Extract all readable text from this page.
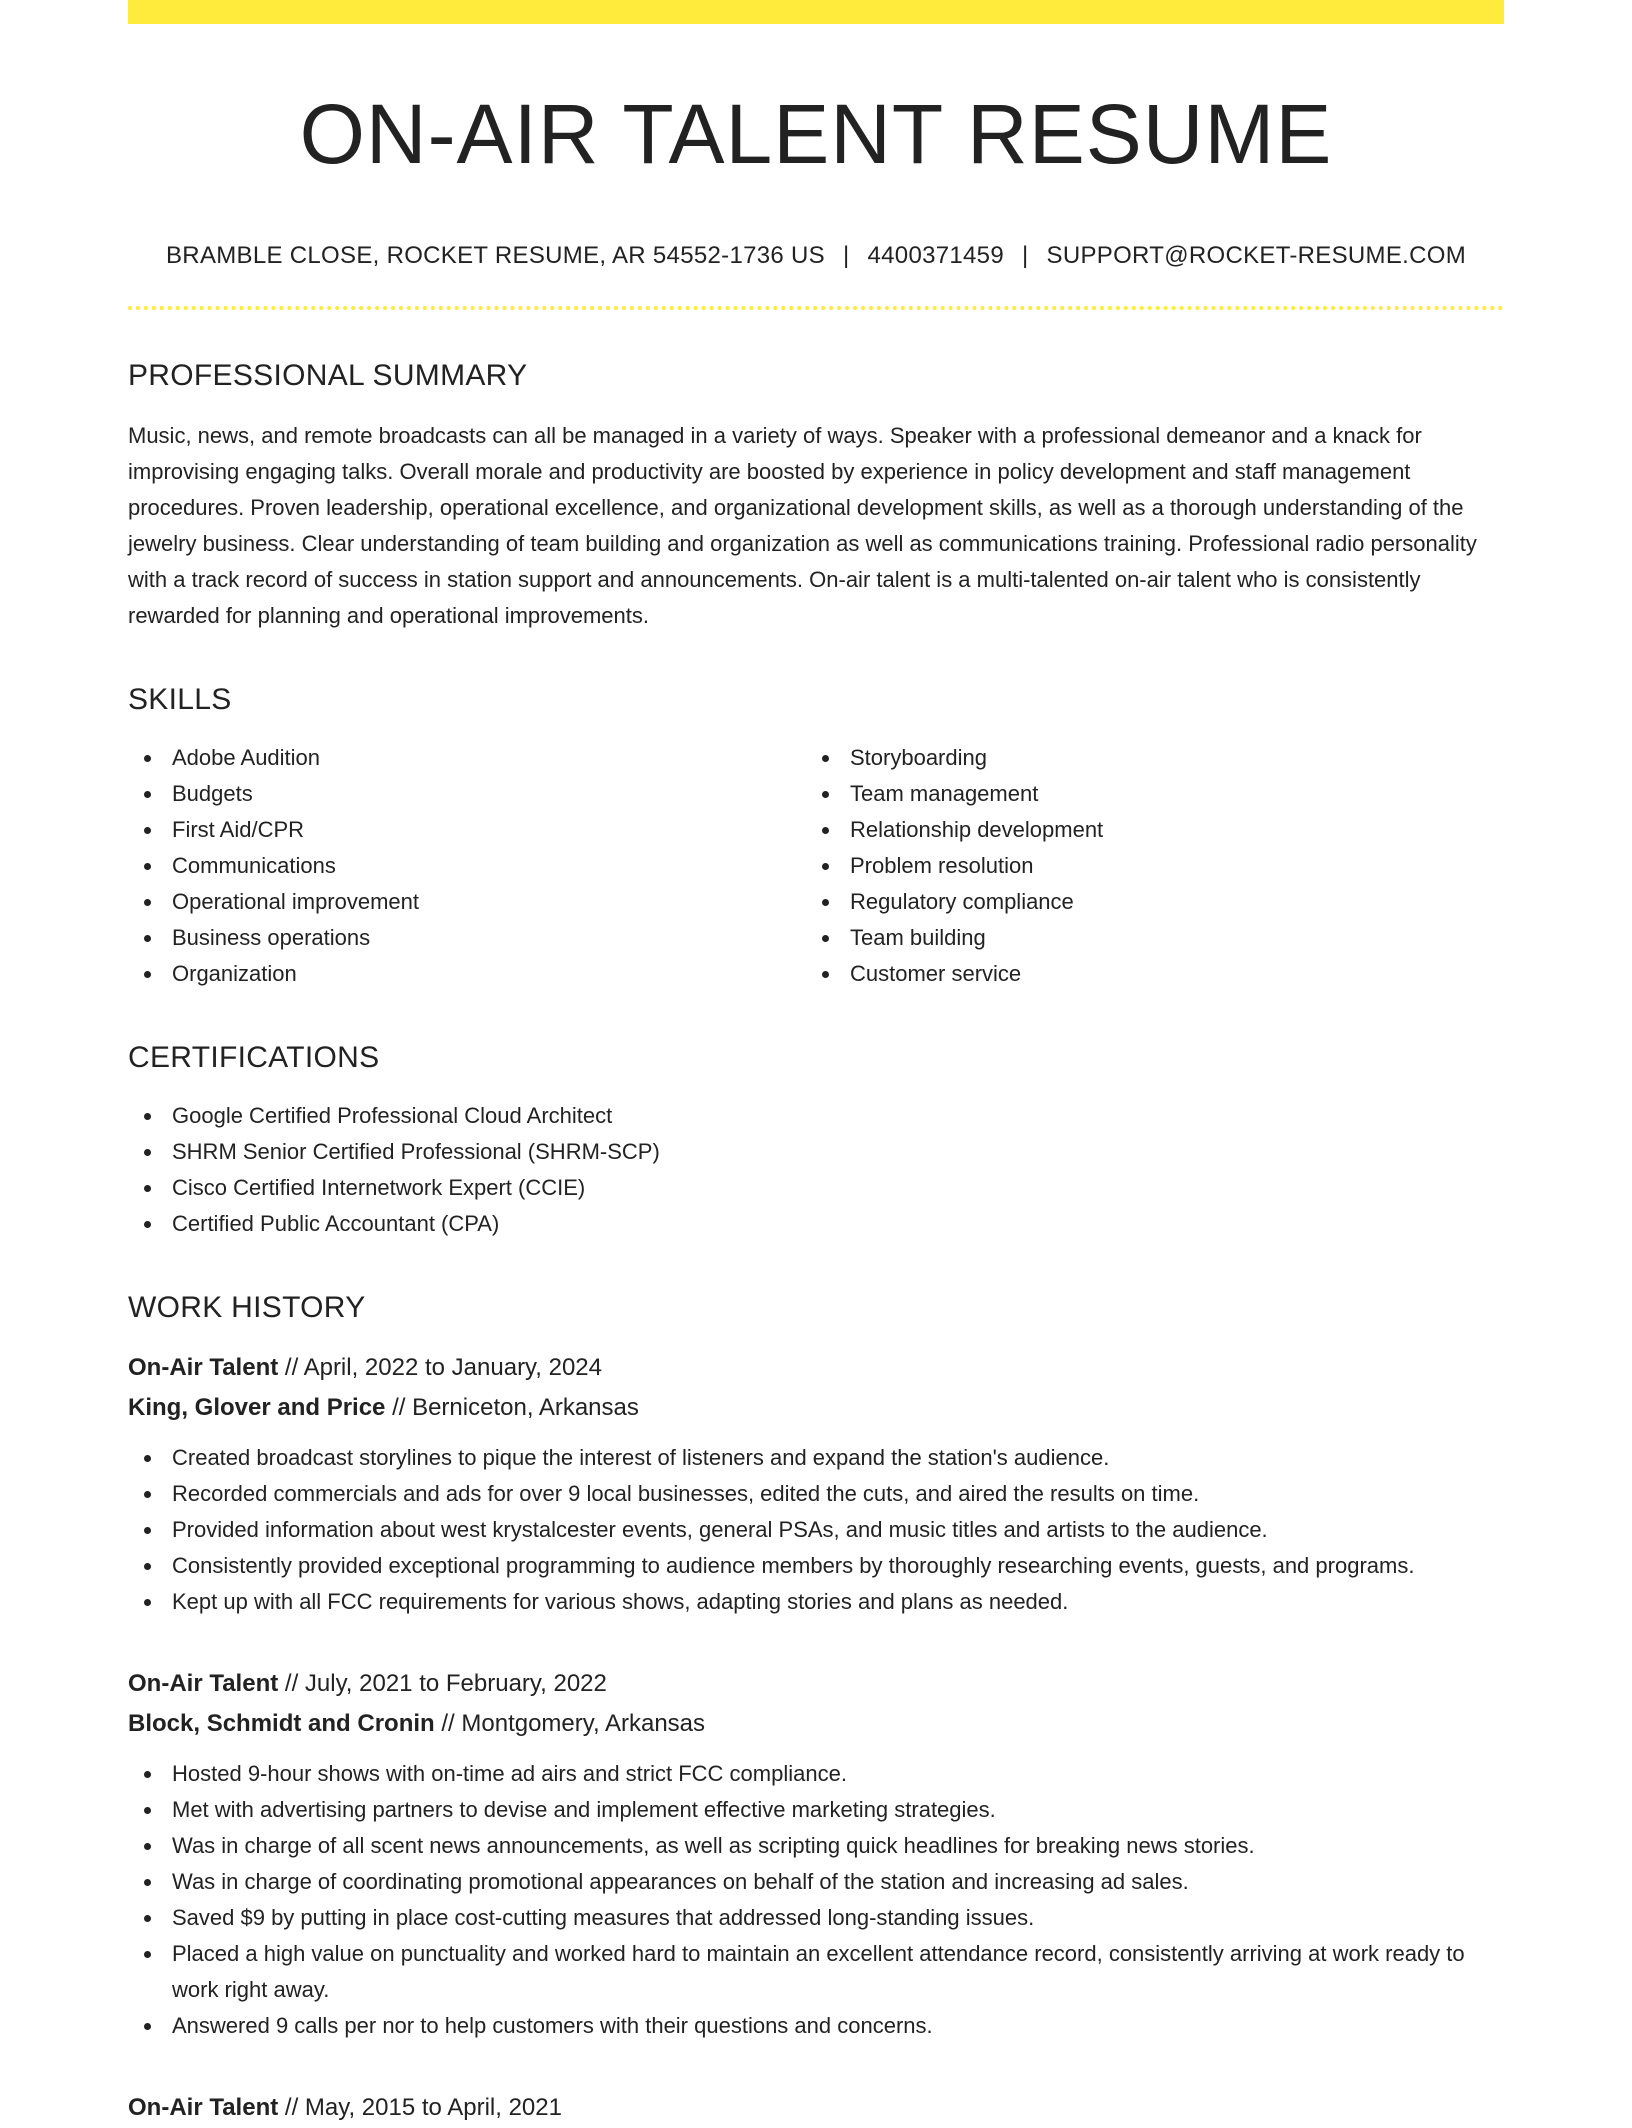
ON-AIR TALENT RESUME
BRAMBLE CLOSE, ROCKET RESUME, AR 54552-1736 US | 4400371459 | SUPPORT@ROCKET-RESUME.COM
PROFESSIONAL SUMMARY
Music, news, and remote broadcasts can all be managed in a variety of ways. Speaker with a professional demeanor and a knack for improvising engaging talks. Overall morale and productivity are boosted by experience in policy development and staff management procedures. Proven leadership, operational excellence, and organizational development skills, as well as a thorough understanding of the jewelry business. Clear understanding of team building and organization as well as communications training. Professional radio personality with a track record of success in station support and announcements. On-air talent is a multi-talented on-air talent who is consistently rewarded for planning and operational improvements.
SKILLS
Adobe Audition
Budgets
First Aid/CPR
Communications
Operational improvement
Business operations
Organization
Storyboarding
Team management
Relationship development
Problem resolution
Regulatory compliance
Team building
Customer service
CERTIFICATIONS
Google Certified Professional Cloud Architect
SHRM Senior Certified Professional (SHRM-SCP)
Cisco Certified Internetwork Expert (CCIE)
Certified Public Accountant (CPA)
WORK HISTORY
On-Air Talent // April, 2022 to January, 2024
King, Glover and Price // Berniceton, Arkansas
Created broadcast storylines to pique the interest of listeners and expand the station's audience.
Recorded commercials and ads for over 9 local businesses, edited the cuts, and aired the results on time.
Provided information about west krystalcester events, general PSAs, and music titles and artists to the audience.
Consistently provided exceptional programming to audience members by thoroughly researching events, guests, and programs.
Kept up with all FCC requirements for various shows, adapting stories and plans as needed.
On-Air Talent // July, 2021 to February, 2022
Block, Schmidt and Cronin // Montgomery, Arkansas
Hosted 9-hour shows with on-time ad airs and strict FCC compliance.
Met with advertising partners to devise and implement effective marketing strategies.
Was in charge of all scent news announcements, as well as scripting quick headlines for breaking news stories.
Was in charge of coordinating promotional appearances on behalf of the station and increasing ad sales.
Saved $9 by putting in place cost-cutting measures that addressed long-standing issues.
Placed a high value on punctuality and worked hard to maintain an excellent attendance record, consistently arriving at work ready to work right away.
Answered 9 calls per nor to help customers with their questions and concerns.
On-Air Talent // May, 2015 to April, 2021
